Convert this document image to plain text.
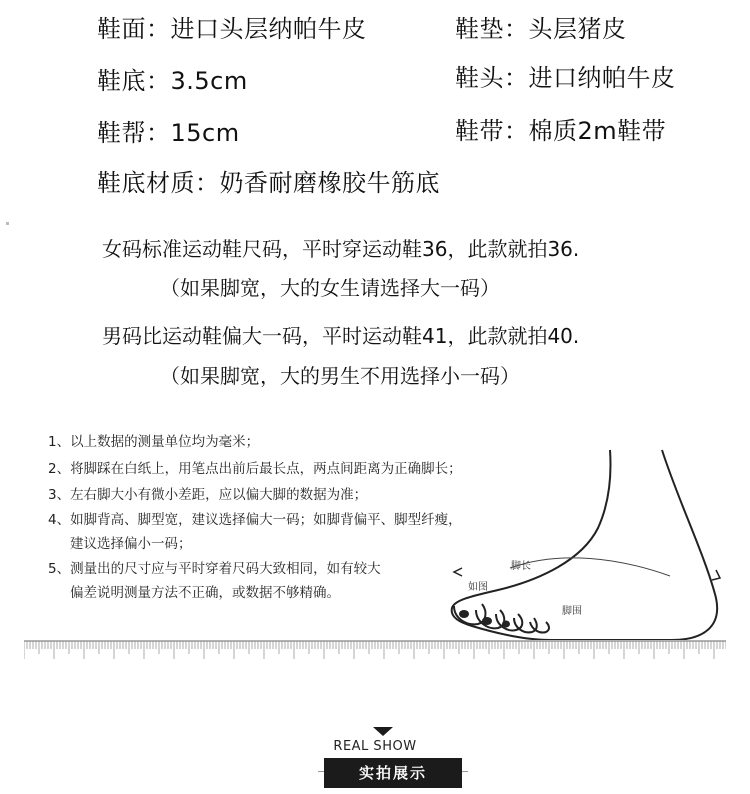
鞋面：进口头层纳帕牛皮	鞋垫：头层猪皮
鞋底：3.5cm	鞋头：进口纳帕牛皮
鞋帮：15cm	鞋带：棉质2m鞋带
鞋底材质：奶香耐磨橡胶牛筋底
女码标准运动鞋尺码，平时穿运动鞋36，此款就拍36.
（如果脚宽，大的女生请选择大一码）
男码比运动鞋偏大一码，平时运动鞋41，此款就拍40.
（如果脚宽，大的男生不用选择小一码）
1、以上数据的测量单位均为毫米；
2、将脚踩在白纸上，用笔点出前后最长点，两点间距离为正确脚长；
3、左右脚大小有微小差距，应以偏大脚的数据为准；
4、如脚背高、脚型宽，建议选择偏大一码；如脚背偏平、脚型纤瘦，
建议选择偏小一码；
5、测量出的尺寸应与平时穿着尺码大致相同，如有较大
偏差说明测量方法不正确，或数据不够精确。
脚长
如图
脚围
REAL SHOW
实拍展示
